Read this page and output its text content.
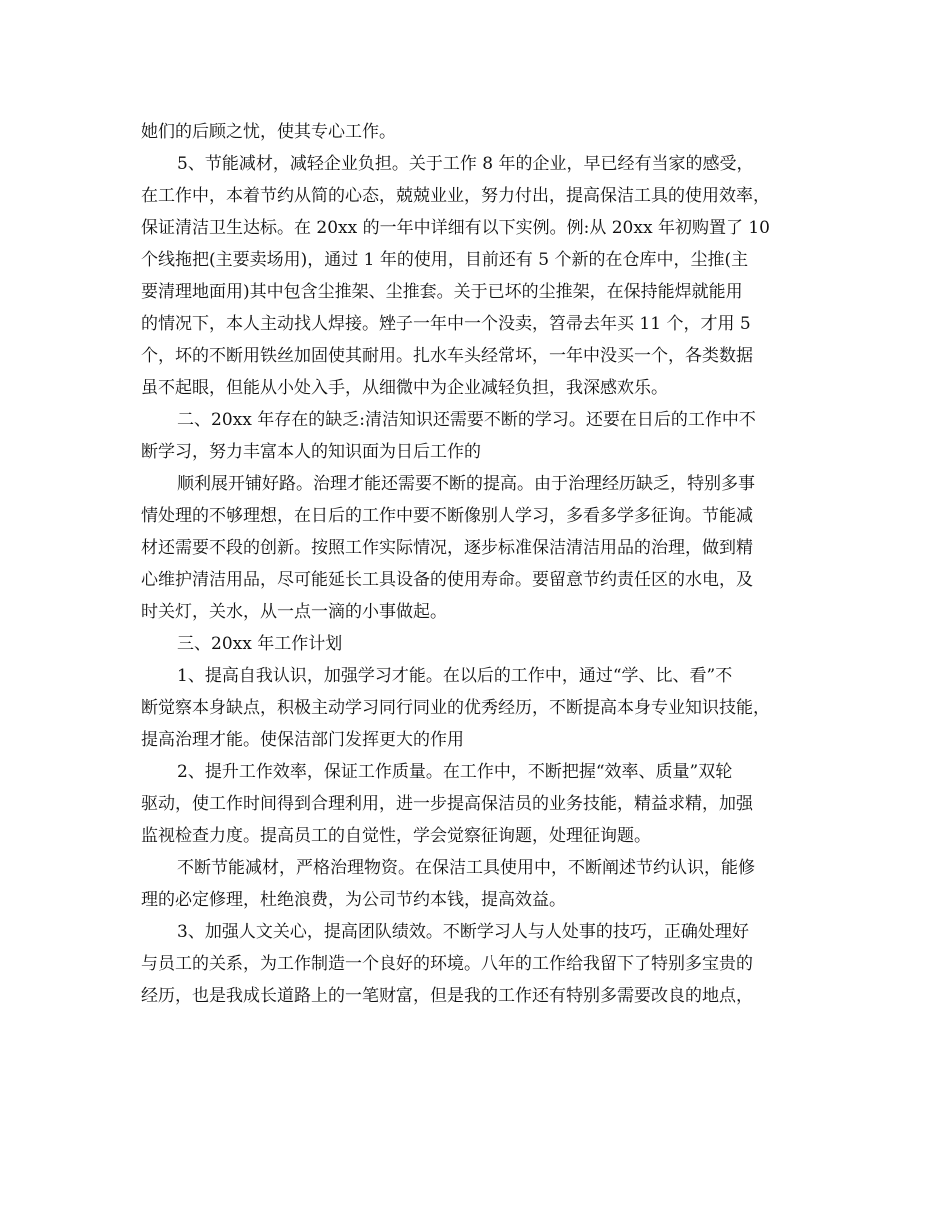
她们的后顾之忧，使其专心工作。
5、节能减材，减轻企业负担。关于工作 8 年的企业，早已经有当家的感受，
在工作中，本着节约从简的心态，兢兢业业，努力付出，提高保洁工具的使用效率，
保证清洁卫生达标。在 20xx 的一年中详细有以下实例。例:从 20xx 年初购置了 10
个线拖把(主要卖场用)，通过 1 年的使用，目前还有 5 个新的在仓库中，尘推(主
要清理地面用)其中包含尘推架、尘推套。关于已坏的尘推架，在保持能焊就能用
的情况下，本人主动找人焊接。矬子一年中一个没卖，笤帚去年买 11 个，才用 5
个，坏的不断用铁丝加固使其耐用。扎水车头经常坏，一年中没买一个，各类数据
虽不起眼，但能从小处入手，从细微中为企业减轻负担，我深感欢乐。
二、20xx 年存在的缺乏:清洁知识还需要不断的学习。还要在日后的工作中不
断学习，努力丰富本人的知识面为日后工作的
顺利展开铺好路。治理才能还需要不断的提高。由于治理经历缺乏，特别多事
情处理的不够理想，在日后的工作中要不断像别人学习，多看多学多征询。节能减
材还需要不段的创新。按照工作实际情况，逐步标准保洁清洁用品的治理，做到精
心维护清洁用品，尽可能延长工具设备的使用寿命。要留意节约责任区的水电，及
时关灯，关水，从一点一滴的小事做起。
三、20xx 年工作计划
1、提高自我认识，加强学习才能。在以后的工作中，通过“学、比、看”不
断觉察本身缺点，积极主动学习同行同业的优秀经历，不断提高本身专业知识技能，
提高治理才能。使保洁部门发挥更大的作用
2、提升工作效率，保证工作质量。在工作中，不断把握“效率、质量”双轮
驱动，使工作时间得到合理利用，进一步提高保洁员的业务技能，精益求精，加强
监视检查力度。提高员工的自觉性，学会觉察征询题，处理征询题。
不断节能减材，严格治理物资。在保洁工具使用中，不断阐述节约认识，能修
理的必定修理，杜绝浪费，为公司节约本钱，提高效益。
3、加强人文关心，提高团队绩效。不断学习人与人处事的技巧，正确处理好
与员工的关系，为工作制造一个良好的环境。八年的工作给我留下了特别多宝贵的
经历，也是我成长道路上的一笔财富，但是我的工作还有特别多需要改良的地点，
